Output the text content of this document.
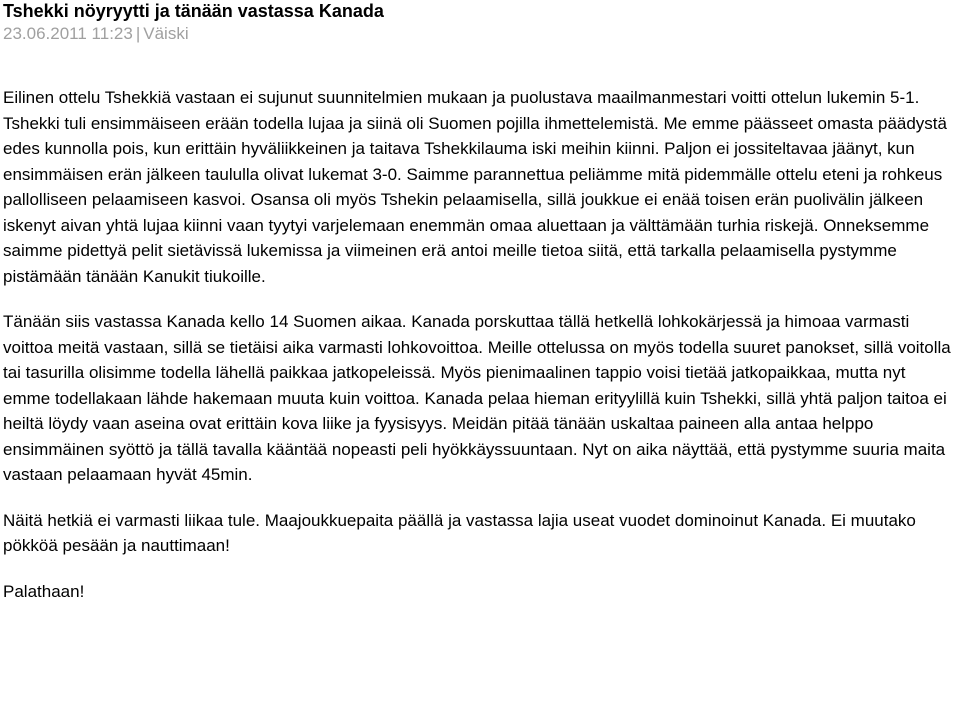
Tshekki nöyryytti ja tänään vastassa Kanada
23.06.2011 11:23 | Väiski

Eilinen ottelu Tshekkiä vastaan ei sujunut suunnitelmien mukaan ja puolustava maailmanmestari voitti ottelun lukemin 5-1. Tshekki tuli ensimmäiseen erään todella lujaa ja siinä oli Suomen pojilla ihmettelemistä. Me emme päässeet omasta päädystä edes kunnolla pois, kun erittäin hyväliikkeinen ja taitava Tshekkilauma iski meihin kiinni. Paljon ei jossiteltavaa jäänyt, kun ensimmäisen erän jälkeen taululla olivat lukemat 3-0. Saimme parannettua peliämme mitä pidemmälle ottelu eteni ja rohkeus pallolliseen pelaamiseen kasvoi. Osansa oli myös Tshekin pelaamisella, sillä joukkue ei enää toisen erän puolivälin jälkeen iskenyt aivan yhtä lujaa kiinni vaan tyytyi varjelemaan enemmän omaa aluettaan ja välttämään turhia riskejä. Onneksemme saimme pidettyä pelit sietävissä lukemissa ja viimeinen erä antoi meille tietoa siitä, että tarkalla pelaamisella pystymme pistämään tänään Kanukit tiukoille.

Tänään siis vastassa Kanada kello 14 Suomen aikaa. Kanada porskuttaa tällä hetkellä lohkokärjessä ja himoaa varmasti voittoa meitä vastaan, sillä se tietäisi aika varmasti lohkovoittoa. Meille ottelussa on myös todella suuret panokset, sillä voitolla tai tasurilla olisimme todella lähellä paikkaa jatkopeleissä. Myös pienimaalinen tappio voisi tietää jatkopaikkaa, mutta nyt emme todellakaan lähde hakemaan muuta kuin voittoa. Kanada pelaa hieman erityylillä kuin Tshekki, sillä yhtä paljon taitoa ei heiltä löydy vaan aseina ovat erittäin kova liike ja fyysisyys. Meidän pitää tänään uskaltaa paineen alla antaa helppo ensimmäinen syöttö ja tällä tavalla kääntää nopeasti peli hyökkäyssuuntaan. Nyt on aika näyttää, että pystymme suuria maita vastaan pelaamaan hyvät 45min.

Näitä hetkiä ei varmasti liikaa tule. Maajoukkuepaita päällä ja vastassa lajia useat vuodet dominoinut Kanada. Ei muutako pökköä pesään ja nauttimaan!

Palathaan!
